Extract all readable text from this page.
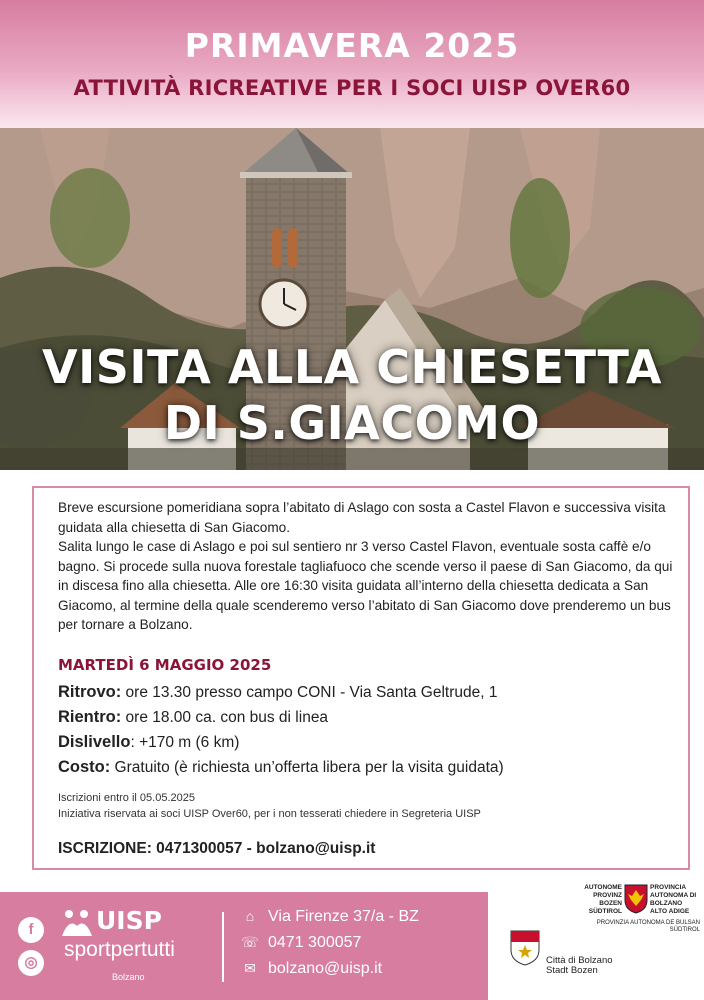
PRIMAVERA 2025
ATTIVITÀ RICREATIVE PER I SOCI UISP OVER60
VISITA ALLA CHIESETTA
DI S.GIACOMO

Breve escursione pomeridiana sopra l’abitato di Aslago con sosta a Castel Flavon e successiva visita guidata alla chiesetta di San Giacomo.

Salita lungo le case di Aslago e poi sul sentiero nr 3 verso Castel Flavon, eventuale sosta caffè e/o bagno. Si procede sulla nuova forestale tagliafuoco che scende verso il paese di San Giacomo, da qui in discesa fino alla chiesetta. Alle ore 16:30 visita guidata all’interno della chiesetta dedicata a San Giacomo, al termine della quale scenderemo verso l’abitato di San Giacomo dove prenderemo un bus per tornare a Bolzano.

MARTEDÌ 6 MAGGIO 2025
Ritrovo: ore 13.30 presso campo CONI - Via Santa Geltrude, 1
Rientro: ore 18.00 ca. con bus di linea
Dislivello: +170 m (6 km)
Costo: Gratuito (è richiesta un’offerta libera per la visita guidata)
Iscrizioni entro il 05.05.2025
Iniziativa riservata ai soci UISP Over60, per i non tesserati chiedere in Segreteria UISP
ISCRIZIONE: 0471300057 - bolzano@uisp.it
f
◎
UISP
sportpertutti
Bolzano
⌂ Via Firenze 37/a - BZ
☏ 0471 300057
✉ bolzano@uisp.it
AUTONOME PROVINZ BOZEN SÜDTIROL
PROVINCIA AUTONOMA DI BOLZANO ALTO ADIGE
PROVINZIA AUTONOMA DE BULSAN SÜDTIROL
Città di Bolzano
Stadt Bozen
